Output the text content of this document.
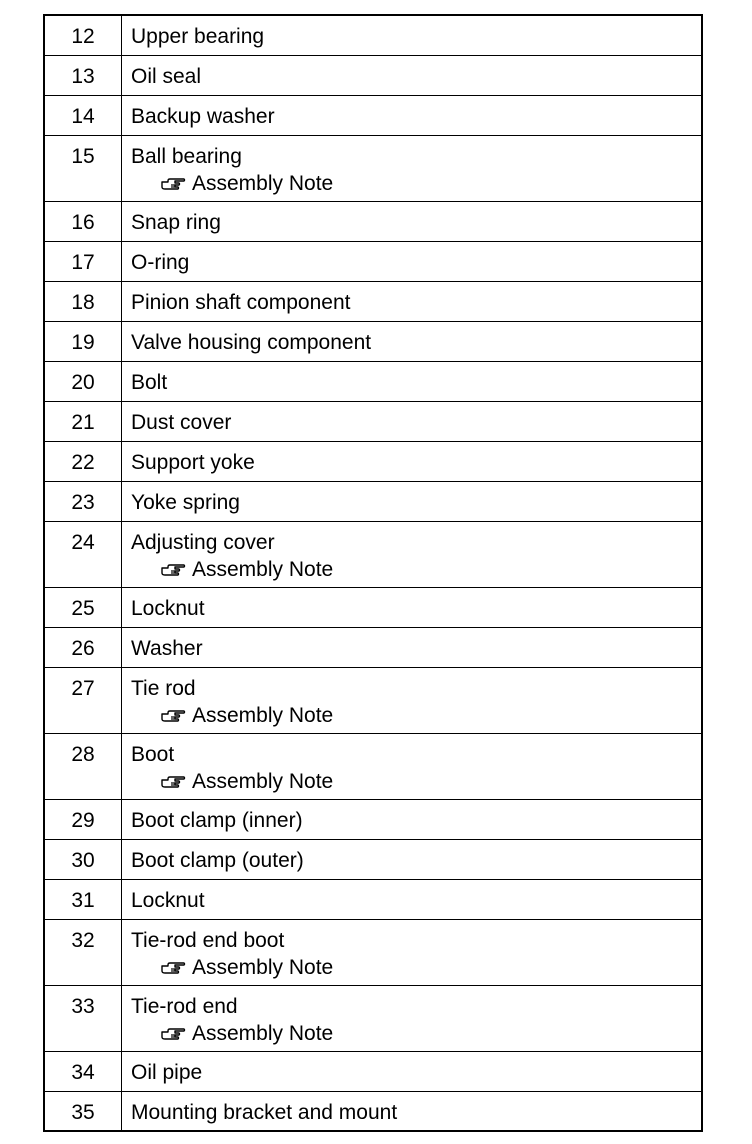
12	Upper bearing
13	Oil seal
14	Backup washer
15	Ball bearing
Assembly Note

16	Snap ring
17	O-ring
18	Pinion shaft component
19	Valve housing component
20	Bolt
21	Dust cover
22	Support yoke
23	Yoke spring
24	Adjusting cover
Assembly Note

25	Locknut
26	Washer
27	Tie rod
Assembly Note

28	Boot
Assembly Note

29	Boot clamp (inner)
30	Boot clamp (outer)
31	Locknut
32	Tie-rod end boot
Assembly Note

33	Tie-rod end
Assembly Note

34	Oil pipe
35	Mounting bracket and mount
